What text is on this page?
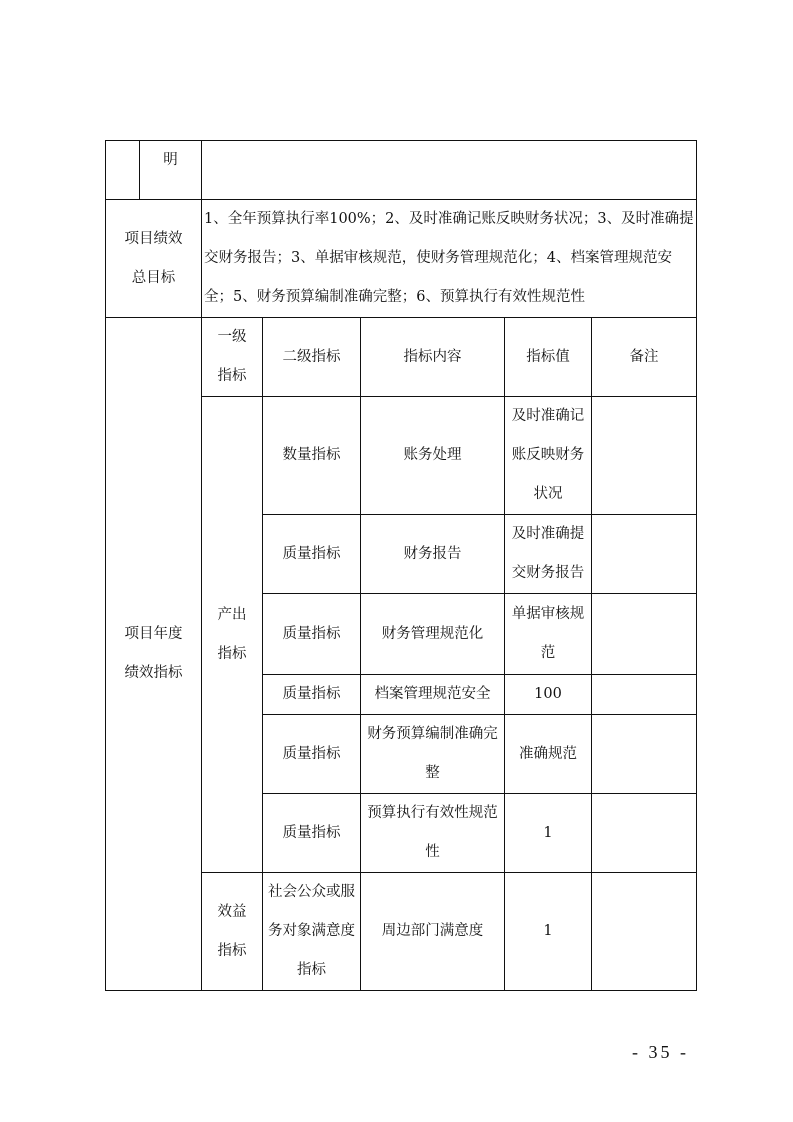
明					

项目绩效总目标	1、全年预算执行率100%；2、及时准确记账反映财务状况；3、及时准确提交财务报告；3、单据审核规范，使财务管理规范化；4、档案管理规范安全；5、财务预算编制准确完整；6、预算执行有效性规范性				
项目年度绩效指标	一级指标	二级指标	指标内容	指标值	备注
	产出指标	数量指标	账务处理	及时准确记账反映财务状况	
		质量指标	财务报告	及时准确提交财务报告	
		质量指标	财务管理规范化	单据审核规范	
		质量指标	档案管理规范安全	100	
		质量指标	财务预算编制准确完整	准确规范	
		质量指标	预算执行有效性规范性	1	
	效益指标	社会公众或服务对象满意度指标	周边部门满意度	1	
- 35 -
